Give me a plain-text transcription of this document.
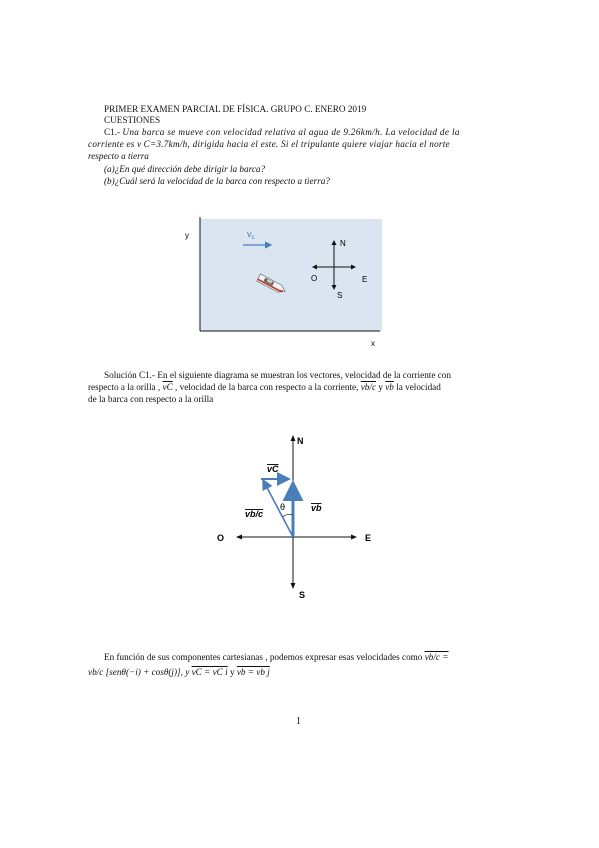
PRIMER EXAMEN PARCIAL DE FÍSICA. GRUPO C. ENERO 2019
CUESTIONES
C1.- Una barca se mueve con velocidad relativa al agua de 9.26km/h. La velocidad de la
corriente es v C=3.7km/h, dirigida hacia el este. Si el tripulante quiere viajar hacia el norte
respecto a tierra
(a)¿En qué dirección debe dirigir la barca?
(b)¿Cuál será la velocidad de la barca con respecto a tierra?
y
x
$v_c$
N
S
E
O
Solución C1.- En el siguiente diagrama se muestran los vectores, velocidad de la corriente con
respecto a la orilla , $\overline{vC}$ , velocidad de la barca con respecto a la corriente, vb/c y $\overline{vb}$ la velocidad
de la barca con respecto a la orilla
N
S
E
O
θ
vC
vb
vb/c
En función de sus componentes cartesianas , podemos expresar esas velocidades como vb/c =
vb/c [senθ(−i) + cosθ(j)], y vC = vC i y vb = vb j
1
